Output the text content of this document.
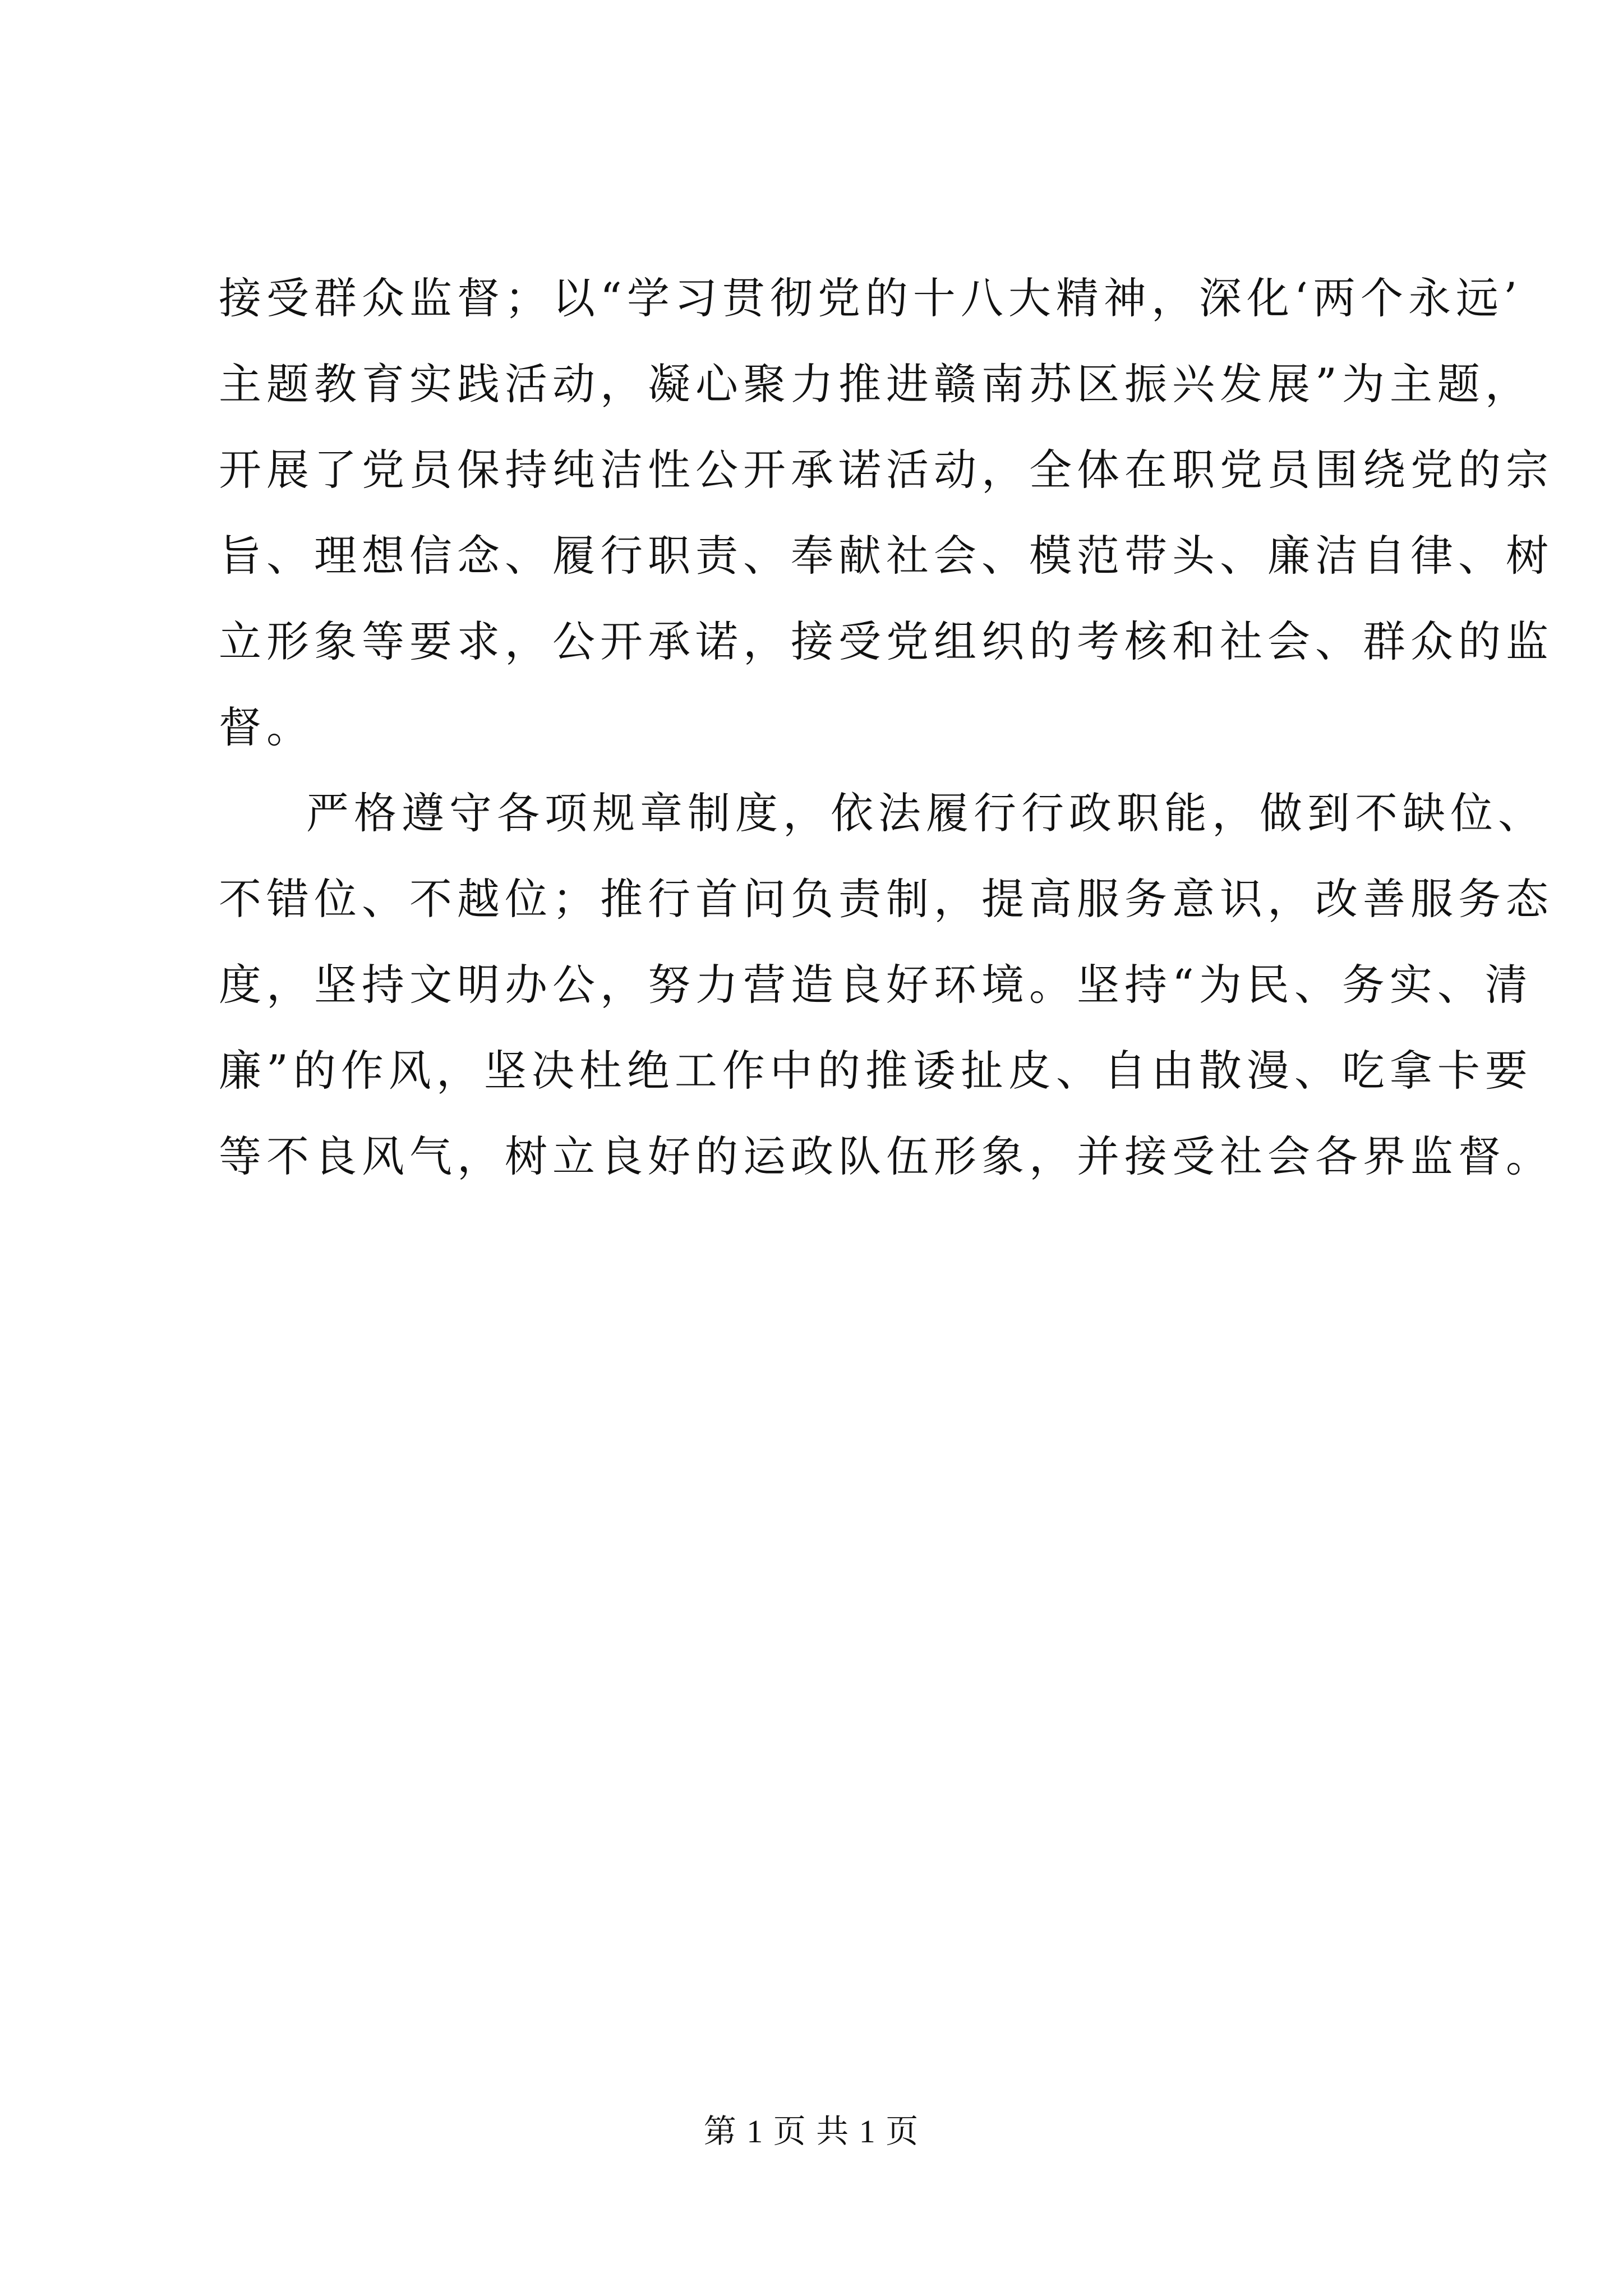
接受群众监督；以“学习贯彻党的十八大精神，深化‘两个永远’
主题教育实践活动，凝心聚力推进赣南苏区振兴发展”为主题，
开展了党员保持纯洁性公开承诺活动，全体在职党员围绕党的宗
旨、理想信念、履行职责、奉献社会、模范带头、廉洁自律、树
立形象等要求，公开承诺，接受党组织的考核和社会、群众的监
督。
严格遵守各项规章制度，依法履行行政职能，做到不缺位、
不错位、不越位；推行首问负责制，提高服务意识，改善服务态
度，坚持文明办公，努力营造良好环境。坚持“为民、务实、清
廉”的作风，坚决杜绝工作中的推诿扯皮、自由散漫、吃拿卡要
等不良风气，树立良好的运政队伍形象，并接受社会各界监督。
第 1 页 共 1 页
